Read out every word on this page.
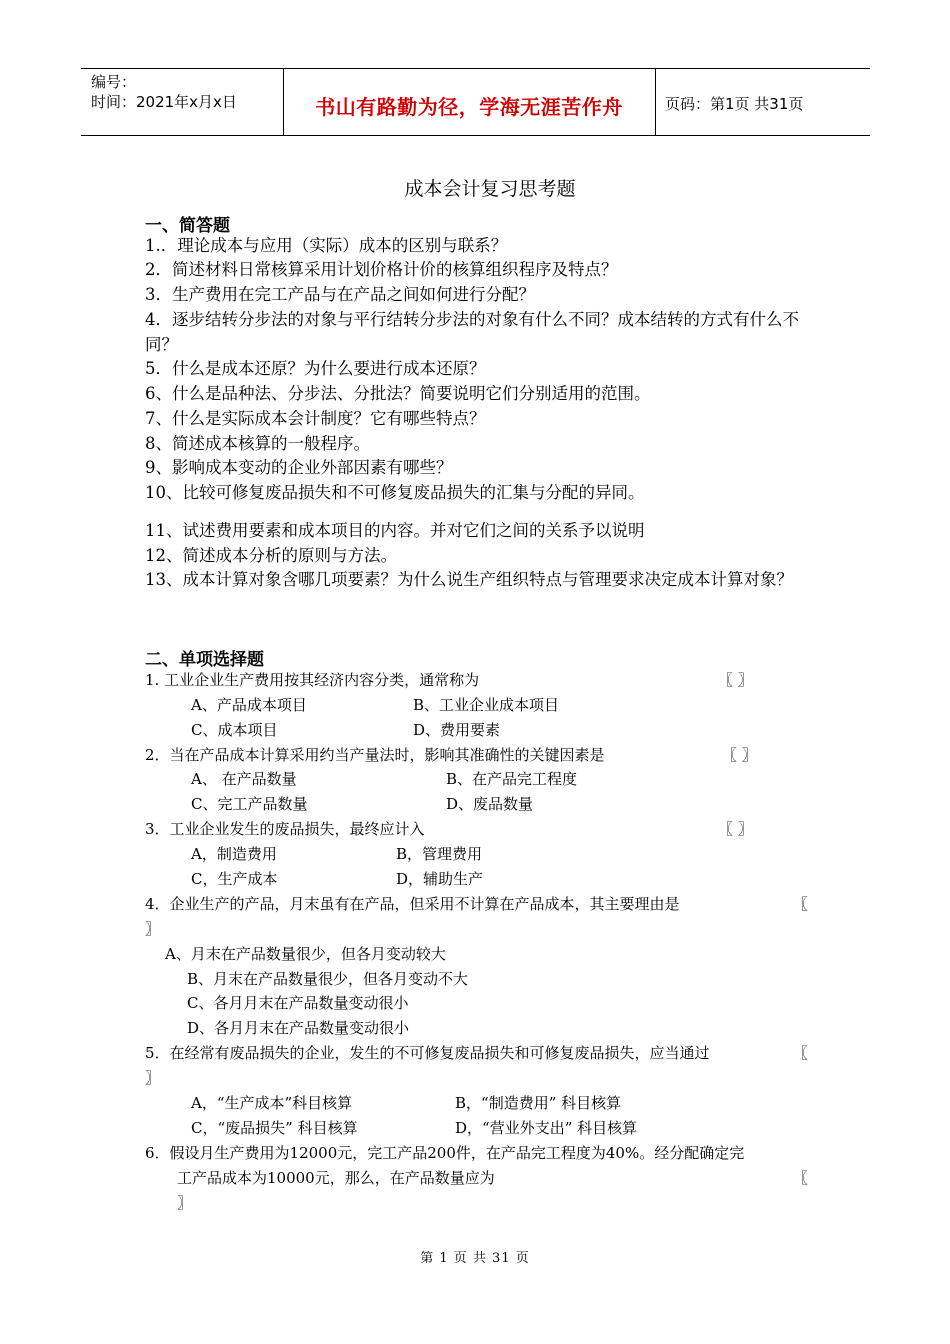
编号：
时间：2021年x月x日	书山有路勤为径，学海无涯苦作舟	页码：第1页 共31页
成本会计复习思考题
一、简答题
1.．理论成本与应用（实际）成本的区别与联系？
2．简述材料日常核算采用计划价格计价的核算组织程序及特点？
3．生产费用在完工产品与在产品之间如何进行分配？
4．逐步结转分步法的对象与平行结转分步法的对象有什么不同？成本结转的方式有什么不同？
5．什么是成本还原？为什么要进行成本还原？
6、什么是品种法、分步法、分批法？简要说明它们分别适用的范围。
7、什么是实际成本会计制度？它有哪些特点？
8、简述成本核算的一般程序。
9、影响成本变动的企业外部因素有哪些？
10、比较可修复废品损失和不可修复废品损失的汇集与分配的异同。
11、试述费用要素和成本项目的内容。并对它们之间的关系予以说明
12、简述成本分析的原则与方法。
13、成本计算对象含哪几项要素？为什么说生产组织特点与管理要求决定成本计算对象？
二、单项选择题
1. 工业企业生产费用按其经济内容分类，通常称为	〖 〗
A、产品成本项目	B、工业企业成本项目
C、成本项目	D、费用要素
2．当在产品成本计算采用约当产量法时，影响其准确性的关键因素是	〖 〗
A、 在产品数量	B、在产品完工程度
C、完工产品数量	D、废品数量
3．工业企业发生的废品损失，最终应计入	〖 〗
A，制造费用	B，管理费用
C，生产成本	D，辅助生产
4．企业生产的产品，月末虽有在产品，但采用不计算在产品成本，其主要理由是	〖
〗
A、月末在产品数量很少，但各月变动较大
B、月末在产品数量很少，但各月变动不大
C、各月月末在产品数量变动很小
D、各月月末在产品数量变动很小
5．在经常有废品损失的企业，发生的不可修复废品损失和可修复废品损失，应当通过	〖
〗
A，“生产成本”科目核算	B，“制造费用” 科目核算
C，“废品损失” 科目核算	D，“营业外支出” 科目核算
6．假设月生产费用为12000元，完工产品200件，在产品完工程度为40%。经分配确定完
工产品成本为10000元，那么，在产品数量应为	〖
〗
第 1 页 共 31 页
